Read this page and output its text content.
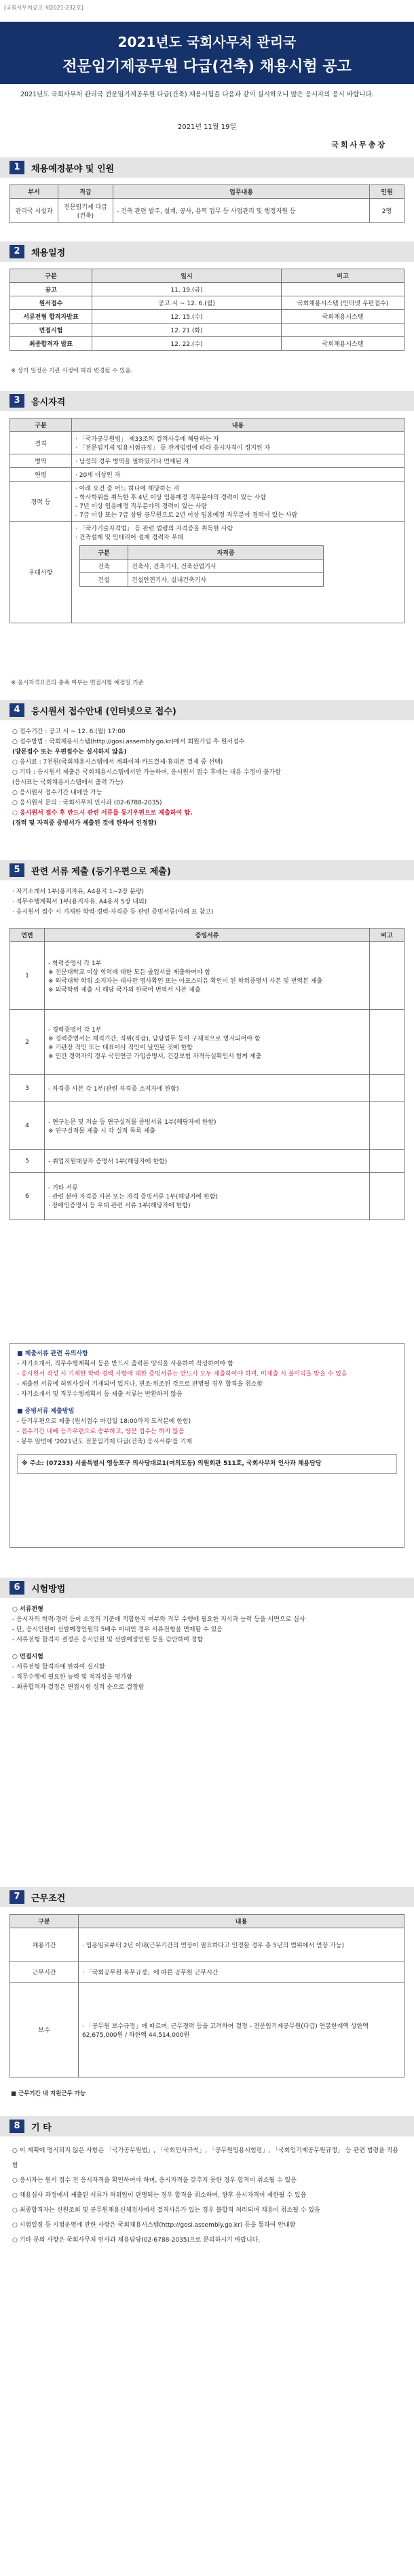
[국회사무처공고 제2021-232호]
2021년도 국회사무처 관리국
전문임기제공무원 다급(건축) 채용시험 공고
2021년도 국회사무처 관리국 전문임기제공무원 다급(건축) 채용시험을 다음과 같이 실시하오니 많은 응시자의 응시 바랍니다.
2021년 11월 19일
국회사무총장
1	채용예정분야 및 인원
부서	직급	업무내용	인원
관리국 시설과	전문임기제 다급(건축)	- 건축 관련 발주, 설계, 공사, 용역 업무 등 사업관리 및 행정지원 등	2명
2	채용일정
구분	일시	비고
공고	11. 19.(금)	
원서접수	공고 시 ~ 12. 6.(월)	국회채용시스템 (인터넷 우편접수)
서류전형 합격자발표	12. 15.(수)	국회채용시스템
면접시험	12. 21.(화)	
최종합격자 발표	12. 22.(수)	국회채용시스템
※ 상기 일정은 기관 사정에 따라 변경될 수 있음.
3	응시자격
구분	내용
결격	· 「국가공무원법」 제33조의 결격사유에 해당하는 자
· 「전문임기제 임용시험규정」 등 관계법령에 따라 응시자격이 정지된 자
병역	· 남성의 경우 병역을 필하였거나 면제된 자
연령	· 20세 이상인 자
경력 등	· 아래 요건 중 어느 하나에 해당하는 자
- 학사학위를 취득한 후 4년 이상 임용예정 직무분야의 경력이 있는 사람
- 7년 이상 임용예정 직무분야의 경력이 있는 사람
- 7급 이상 또는 7급 상당 공무원으로 2년 이상 임용예정 직무분야 경력이 있는 사람
우대사항	
· 「국가기술자격법」 등 관련 법령의 자격증을 취득한 사람
· 건축설계 및 인테리어 설계 경력자 우대
구분	자격증
건축	건축사, 건축기사, 건축산업기사
건설	건설안전기사, 실내건축기사
※ 응시자격요건의 충족 여부는 면접시험 예정일 기준
4	응시원서 접수안내 (인터넷으로 접수)
○ 접수기간 : 공고 시 ~ 12. 6.(월) 17:00
○ 접수방법 : 국회채용시스템(http://gosi.assembly.go.kr)에서 회원가입 후 원서접수
(방문접수 또는 우편접수는 실시하지 않음)
○ 응시료 : 7천원(국회채용시스템에서 계좌이체·카드결제·휴대폰 결제 중 선택)
○ 기타 : 응시원서 제출은 국회채용시스템에서만 가능하며, 응시원서 접수 후에는 내용 수정이 불가함
(응시표는 국회채용시스템에서 출력 가능)
○ 응시원서 접수기간 내에만 가능
○ 응시원서 문의 : 국회사무처 인사과 (02-6788-2035)
○ 응시원서 접수 후 반드시 관련 서류를 등기우편으로 제출하여 함.
(경력 및 자격증 증빙서가 제출된 것에 한하여 인정함)
5	관련 서류 제출 (등기우편으로 제출)
· 자기소개서 1부(용지자유, A4용지 1~2장 분량)
· 직무수행계획서 1부(용지자유, A4용지 5장 내외)
· 응시원서 접수 시 기재한 학력·경력·자격증 등 관련 증빙서류(아래 표 참고)
연번	증빙서류	비고
1	- 학력증명서 각 1부
※ 전문대학교 이상 학력에 대한 모든 졸업서를 제출하여야 함
※ 외국대학 학위 소지자는 대사관 영사확인 또는 아포스티유 확인이 된 학위증명서 사본 및 번역본 제출
※ 외국학위 제출 시 해당 국가의 한국어 번역서 사본 제출	
2	- 경력증명서 각 1부
※ 경력증명서는 재직기간, 직위(직급), 담당업무 등이 구체적으로 명시되어야 함
※ 기관장 직인 또는 대표이사 직인이 날인된 것에 한함
※ 민간 경력자의 경우 국민연금 가입증명서, 건강보험 자격득실확인서 함께 제출	
3	- 자격증 사본 각 1부(관련 자격증 소지자에 한함)	
4	- 연구논문 및 저술 등 연구실적물 증빙서류 1부(해당자에 한함)
※ 연구실적물 제출 시 각 실적 목록 제출	
5	- 취업지원대상자 증명서 1부(해당자에 한함)	
6	- 기타 서류
· 관련 분야 자격증 사본 또는 자격 증빙서류 1부(해당자에 한함)
· 장애인증명서 등 우대 관련 서류 1부(해당자에 한함)	
■ 제출서류 관련 유의사항
- 자기소개서, 직무수행계획서 등은 반드시 출력본 양식을 사용하여 작성하여야 함
- 응시원서 작성 시 기재한 학력·경력 사항에 대한 증빙서류는 반드시 모두 제출하여야 하며, 미제출 시 불이익을 받을 수 있음
- 제출된 서류에 허위사실이 기재되어 있거나, 변조·위조된 것으로 판명될 경우 합격을 취소함
- 자기소개서 및 직무수행계획서 등 제출 서류는 반환하지 않음
■ 증빙서류 제출방법
- 등기우편으로 제출 (원서접수 마감일 18:00까지 도착분에 한함)
- 접수기간 내에 등기우편으로 송부하고, 방문 접수는 하지 않음
- 봉투 앞면에 '2021년도 전문임기제 다급(건축) 응시서류'를 기재
※ 주소: (07233) 서울특별시 영등포구 의사당대로1(여의도동) 의원회관 511호, 국회사무처 인사과 채용담당
6	시험방법
○ 서류전형
- 응시자의 학력·경력 등이 소정의 기준에 적합한지 여부와 직무 수행에 필요한 지식과 능력 등을 서면으로 심사
- 단, 응시인원이 선발예정인원의 5배수 이내인 경우 서류전형을 면제할 수 있음
- 서류전형 합격자 결정은 응시인원 및 선발예정인원 등을 감안하여 정함
○ 면접시험
- 서류전형 합격자에 한하여 실시함
- 직무수행에 필요한 능력 및 적격성을 평가함
- 최종합격자 결정은 면접시험 성적 순으로 결정함
7	근무조건
구분	내용
채용기간	· 임용일로부터 2년 이내(근무기간의 연장이 필요하다고 인정할 경우 총 5년의 범위에서 연장 가능)
근무시간	· 「국회공무원 복무규정」에 따른 공무원 근무시간
보수	· 「공무원 보수규정」에 따르며, 근무경력 등을 고려하여 결정 - 전문임기제공무원(다급) 연봉한계액 상한액 62,675,000원 / 하한액 44,514,000원
■ 근무기간 내 지원근무 가능
8	기 타
○ 이 계획에 명시되지 않은 사항은 「국가공무원법」, 「국회인사규칙」, 「공무원임용시험령」, 「국회임기제공무원규정」 등 관련 법령을 적용함
○ 응시자는 원서 접수 전 응시자격을 확인하여야 하며, 응시자격을 갖추지 못한 경우 합격이 취소될 수 있음
○ 채용심사 과정에서 제출된 서류가 허위임이 판명되는 경우 합격을 취소하며, 향후 응시자격이 제한될 수 있음
○ 최종합격자는 신원조회 및 공무원채용신체검사에서 결격사유가 있는 경우 불합격 처리되며 채용이 취소될 수 있음
○ 시험일정 등 시험운영에 관한 사항은 국회채용시스템(http://gosi.assembly.go.kr) 등을 통하여 안내함
○ 기타 문의 사항은 국회사무처 인사과 채용담당(02-6788-2035)으로 문의하시기 바랍니다.
